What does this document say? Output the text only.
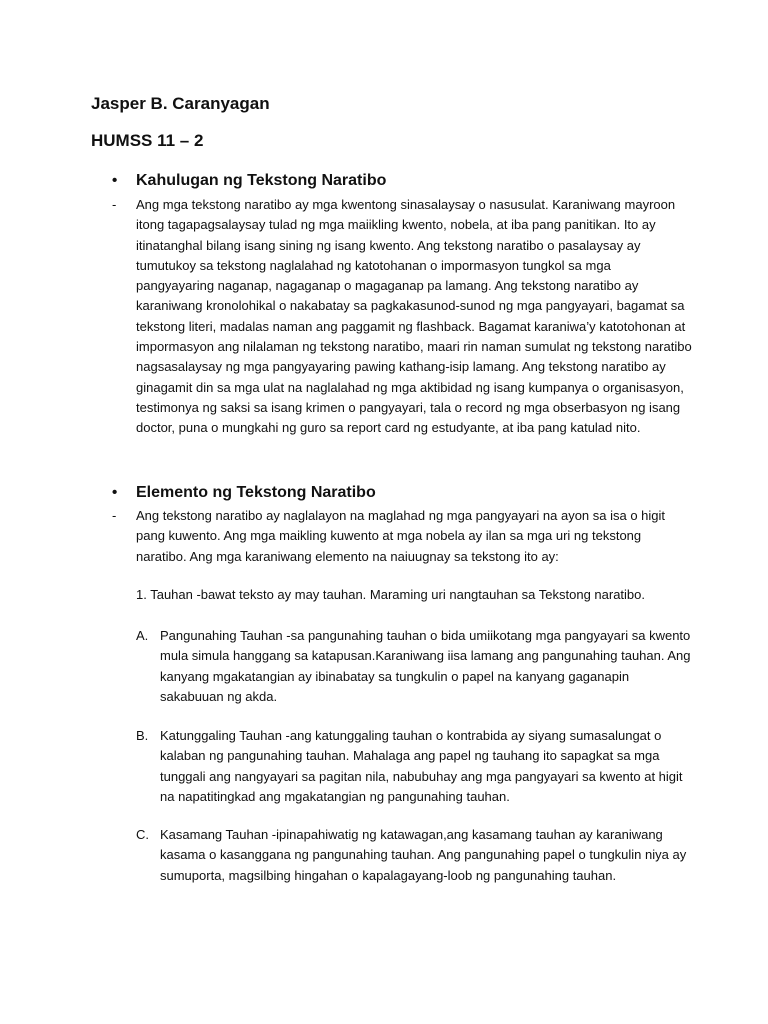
Jasper B. Caranyagan
HUMSS 11 – 2
• Kahulugan ng Tekstong Naratibo
-	Ang mga tekstong naratibo ay mga kwentong sinasalaysay o nasusulat. Karaniwang mayroon itong tagapagsalaysay tulad ng mga maiikling kwento, nobela, at iba pang panitikan. Ito ay itinatanghal bilang isang sining ng isang kwento. Ang tekstong naratibo o pasalaysay ay tumutukoy sa tekstong naglalahad ng katotohanan o impormasyon tungkol sa mga pangyayaring naganap, nagaganap o magaganap pa lamang. Ang tekstong naratibo ay karaniwang kronolohikal o nakabatay sa pagkakasunod-sunod ng mga pangyayari, bagamat sa tekstong literi, madalas naman ang paggamit ng flashback. Bagamat karaniwa’y katotohonan at impormasyon ang nilalaman ng tekstong naratibo, maari rin naman sumulat ng tekstong naratibo nagsasalaysay ng mga pangyayaring pawing kathang-isip lamang. Ang tekstong naratibo ay ginagamit din sa mga ulat na naglalahad ng mga aktibidad ng isang kumpanya o organisasyon, testimonya ng saksi sa isang krimen o pangyayari, tala o record ng mga obserbasyon ng isang doctor, puna o mungkahi ng guro sa report card ng estudyante, at iba pang katulad nito.
• Elemento ng Tekstong Naratibo
-	Ang tekstong naratibo ay naglalayon na maglahad ng mga pangyayari na ayon sa isa o higit pang kuwento. Ang mga maikling kuwento at mga nobela ay ilan sa mga uri ng tekstong naratibo. Ang mga karaniwang elemento na naiuugnay sa tekstong ito ay:
1. Tauhan -bawat teksto ay may tauhan. Maraming uri nangtauhan sa Tekstong naratibo.
A. Pangunahing Tauhan -sa pangunahing tauhan o bida umiikotang mga pangyayari sa kwento mula simula hanggang sa katapusan.Karaniwang iisa lamang ang pangunahing tauhan. Ang kanyang mgakatangian ay ibinabatay sa tungkulin o papel na kanyang gaganapin sakabuuan ng akda.
B. Katunggaling Tauhan -ang katunggaling tauhan o kontrabida ay siyang sumasalungat o kalaban ng pangunahing tauhan. Mahalaga ang papel ng tauhang ito sapagkat sa mga tunggali ang nangyayari sa pagitan nila, nabubuhay ang mga pangyayari sa kwento at higit na napatitingkad ang mgakatangian ng pangunahing tauhan.
C. Kasamang Tauhan -ipinapahiwatig ng katawagan,ang kasamang tauhan ay karaniwang kasama o kasangganа ng pangunahing tauhan. Ang pangunahing papel o tungkulin niya ay sumuporta, magsilbing hingahan o kapalagayang-loob ng pangunahing tauhan.
